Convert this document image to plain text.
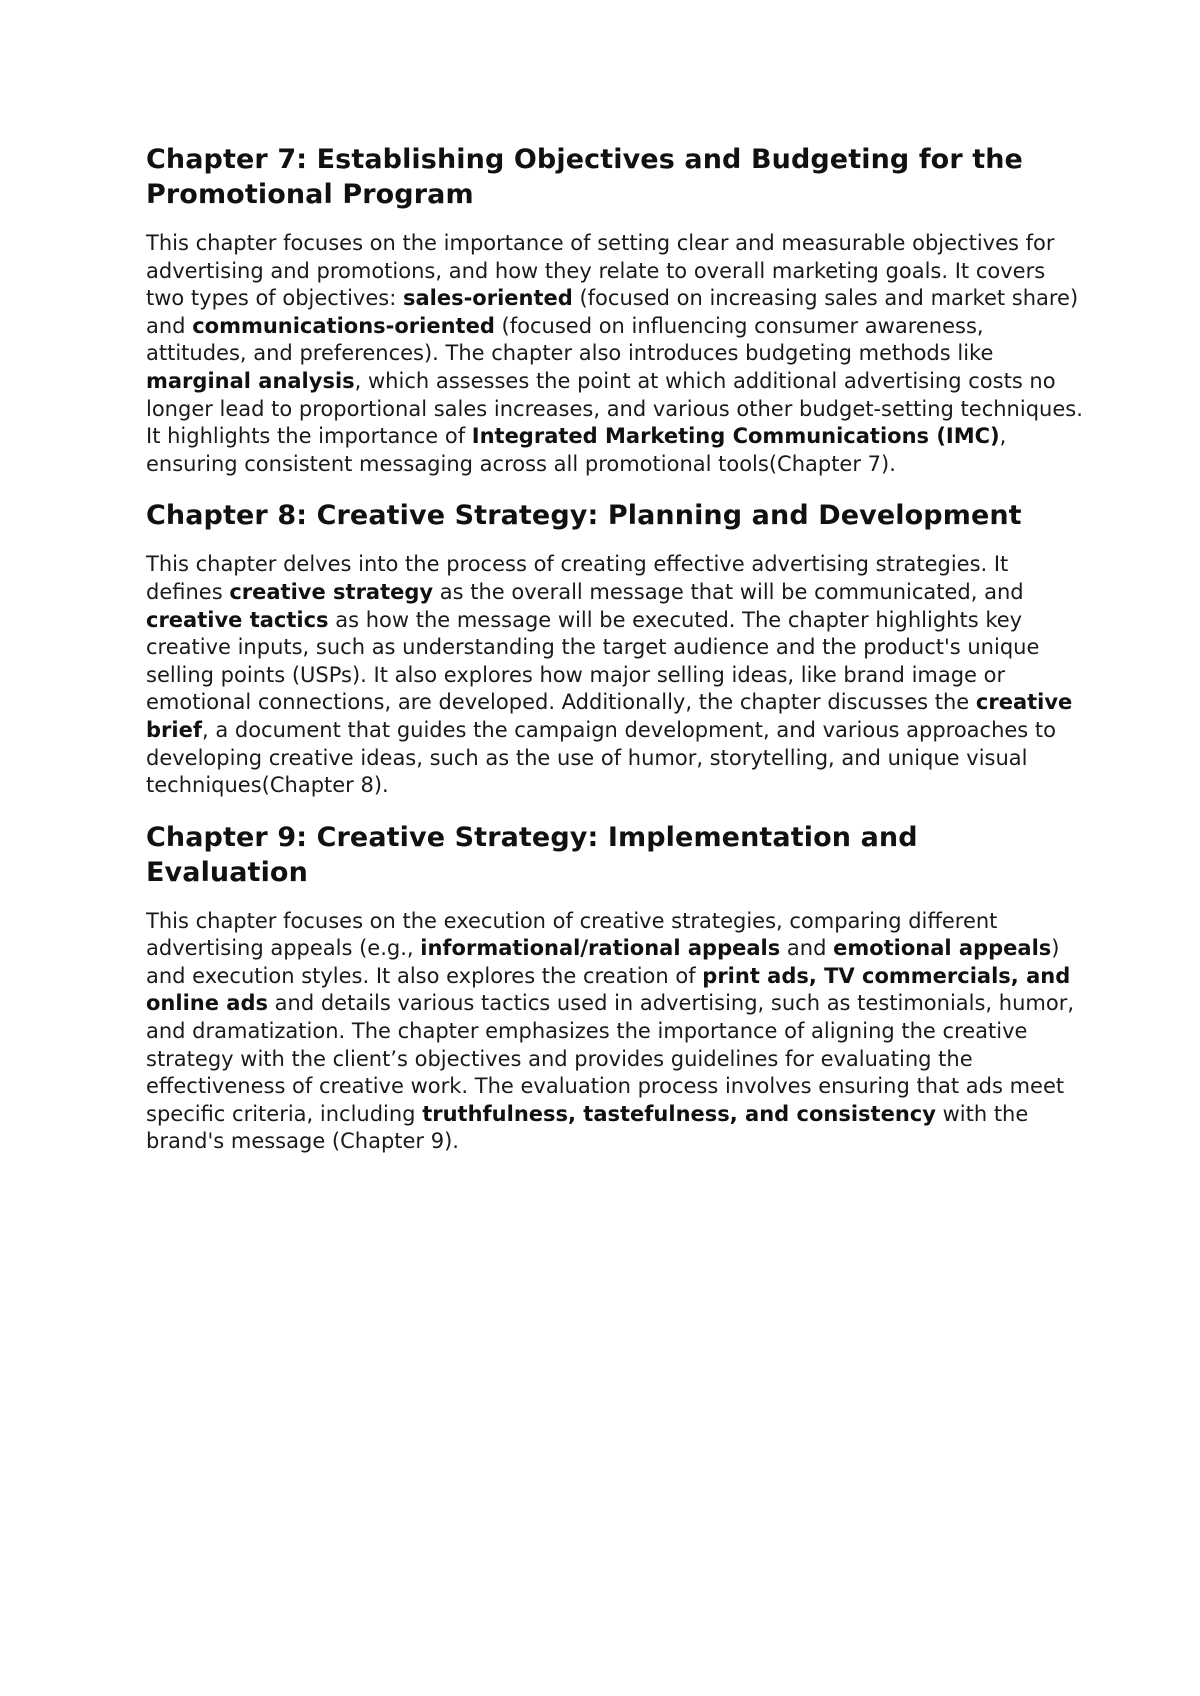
Chapter 7: Establishing Objectives and Budgeting for the Promotional Program

This chapter focuses on the importance of setting clear and measurable objectives for advertising and promotions, and how they relate to overall marketing goals. It covers two types of objectives: sales-oriented (focused on increasing sales and market share) and communications-oriented (focused on influencing consumer awareness, attitudes, and preferences). The chapter also introduces budgeting methods like marginal analysis, which assesses the point at which additional advertising costs no longer lead to proportional sales increases, and various other budget-setting techniques. It highlights the importance of Integrated Marketing Communications (IMC), ensuring consistent messaging across all promotional tools(Chapter 7).

Chapter 8: Creative Strategy: Planning and Development

This chapter delves into the process of creating effective advertising strategies. It defines creative strategy as the overall message that will be communicated, and creative tactics as how the message will be executed. The chapter highlights key creative inputs, such as understanding the target audience and the product's unique selling points (USPs). It also explores how major selling ideas, like brand image or emotional connections, are developed. Additionally, the chapter discusses the creative brief, a document that guides the campaign development, and various approaches to developing creative ideas, such as the use of humor, storytelling, and unique visual techniques(Chapter 8).

Chapter 9: Creative Strategy: Implementation and Evaluation

This chapter focuses on the execution of creative strategies, comparing different advertising appeals (e.g., informational/rational appeals and emotional appeals) and execution styles. It also explores the creation of print ads, TV commercials, and online ads and details various tactics used in advertising, such as testimonials, humor, and dramatization. The chapter emphasizes the importance of aligning the creative strategy with the client’s objectives and provides guidelines for evaluating the effectiveness of creative work. The evaluation process involves ensuring that ads meet specific criteria, including truthfulness, tastefulness, and consistency with the brand's message (Chapter 9).
